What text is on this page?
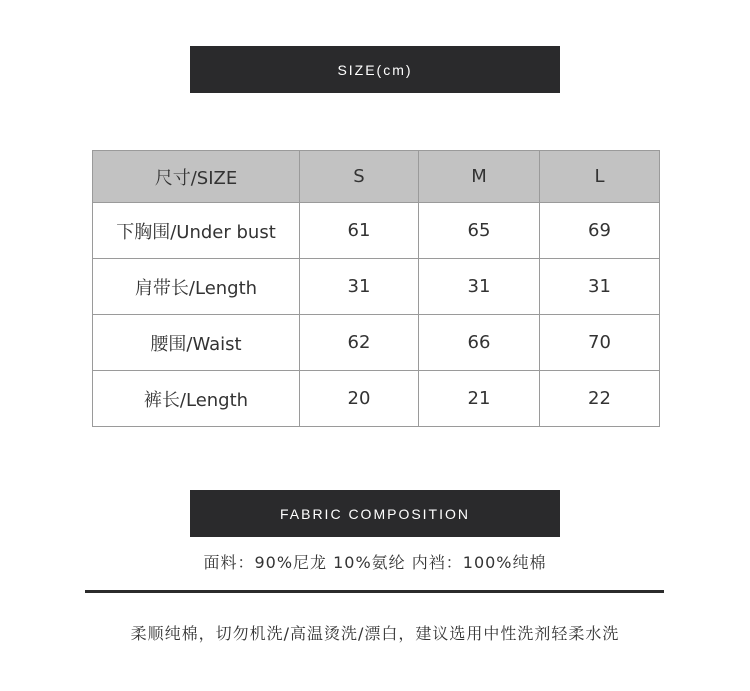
SIZE(cm)
尺寸/SIZE	S	M	L
下胸围/Under bust	61	65	69
肩带长/Length	31	31	31
腰围/Waist	62	66	70
裤长/Length	20	21	22
FABRIC COMPOSITION
面料：90%尼龙 10%氨纶 内裆：100%纯棉
柔顺纯棉，切勿机洗/高温烫洗/漂白，建议选用中性洗剂轻柔水洗
